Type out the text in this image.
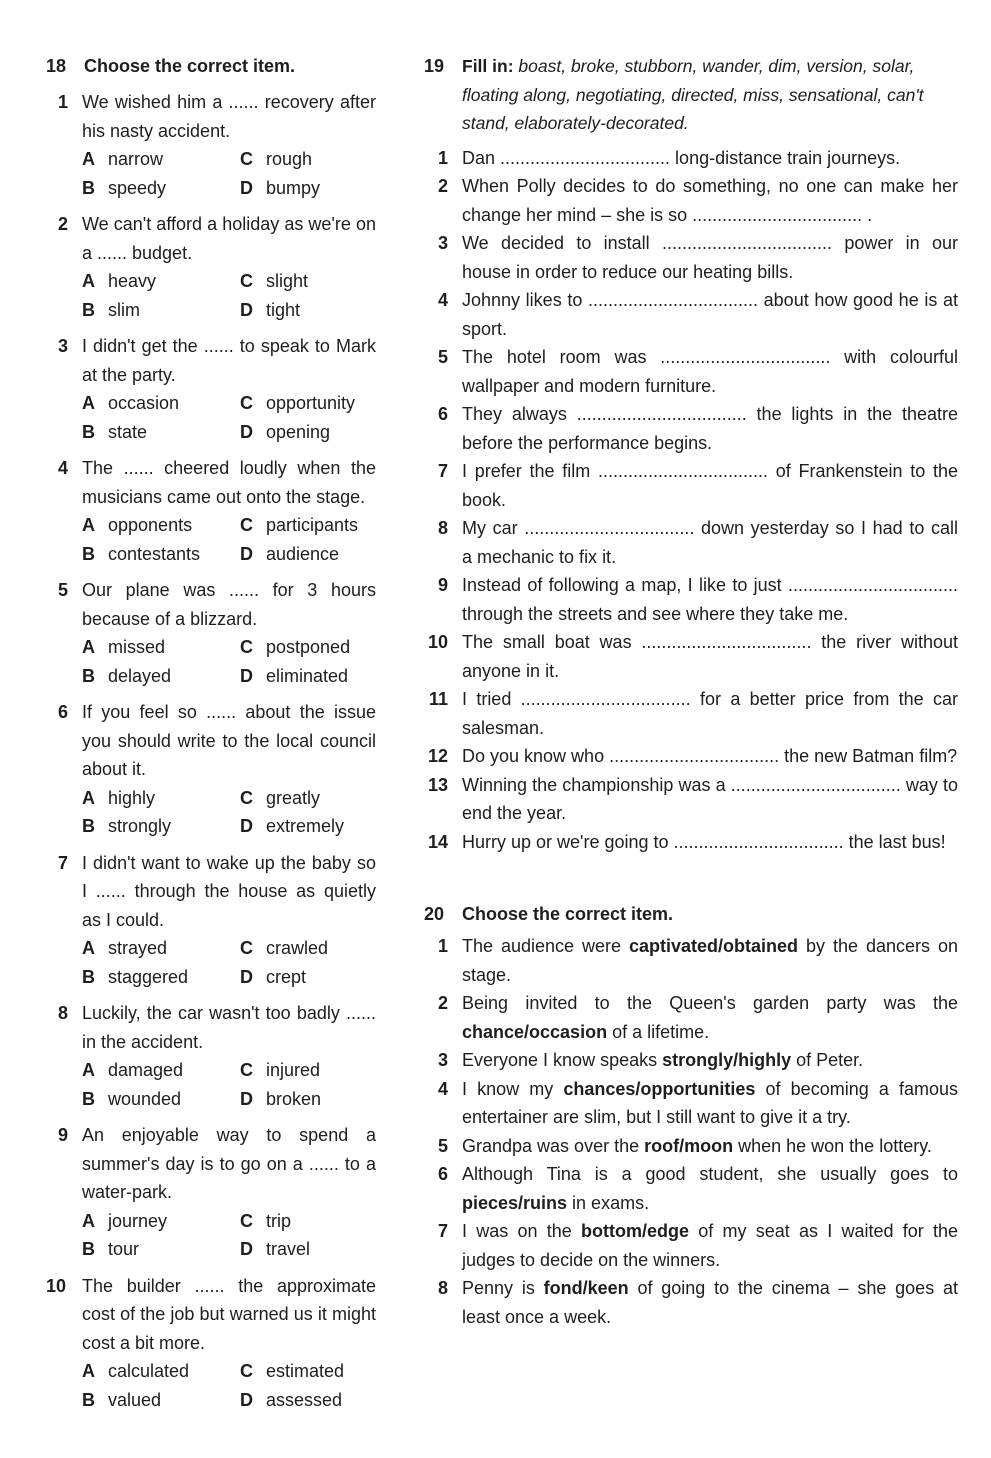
18 Choose the correct item.
1 We wished him a ...... recovery after his nasty accident.
A narrow	C rough
B speedy	D bumpy
2 We can't afford a holiday as we're on a ...... budget.
A heavy	C slight
B slim	D tight
3 I didn't get the ...... to speak to Mark at the party.
A occasion	C opportunity
B state	D opening
4 The ...... cheered loudly when the musicians came out onto the stage.
A opponents	C participants
B contestants D audience
5 Our plane was ...... for 3 hours because of a blizzard.
A missed	C postponed
B delayed	D eliminated
6 If you feel so ...... about the issue you should write to the local council about it.
A highly	C greatly
B strongly	D extremely
7 I didn't want to wake up the baby so I ...... through the house as quietly as I could.
A strayed	C crawled
B staggered	D crept
8 Luckily, the car wasn't too badly ...... in the accident.
A damaged	C injured
B wounded	D broken
9 An enjoyable way to spend a summer's day is to go on a ...... to a water-park.
A journey	C trip
B tour	D travel
10 The builder ...... the approximate cost of the job but warned us it might cost a bit more.
A calculated	C estimated
B valued	D assessed
19	Fill in: boast, broke, stubborn, wander, dim, version, solar, floating along, negotiating, directed, miss, sensational, can't stand, elaborately-decorated.
1 Dan .................................. long-distance train journeys.
2 When Polly decides to do something, no one can make her change her mind – she is so .................................. .
3 We decided to install .................................. power in our house in order to reduce our heating bills.
4 Johnny likes to .................................. about how good he is at sport.
5 The hotel room was .................................. with colourful wallpaper and modern furniture.
6 They always .................................. the lights in the theatre before the performance begins.
7 I prefer the film .................................. of Frankenstein to the book.
8 My car .................................. down yesterday so I had to call a mechanic to fix it.
9 Instead of following a map, I like to just .................................. through the streets and see where they take me.
10 The small boat was .................................. the river without anyone in it.
11 I tried .................................. for a better price from the car salesman.
12 Do you know who .................................. the new Batman film?
13 Winning the championship was a .................................. way to end the year.
14 Hurry up or we're going to .................................. the last bus!
20 Choose the correct item.
1 The audience were captivated/obtained by the dancers on stage.
2 Being invited to the Queen's garden party was the chance/occasion of a lifetime.
3 Everyone I know speaks strongly/highly of Peter.
4 I know my chances/opportunities of becoming a famous entertainer are slim, but I still want to give it a try.
5 Grandpa was over the roof/moon when he won the lottery.
6 Although Tina is a good student, she usually goes to pieces/ruins in exams.
7 I was on the bottom/edge of my seat as I waited for the judges to decide on the winners.
8 Penny is fond/keen of going to the cinema – she goes at least once a week.
